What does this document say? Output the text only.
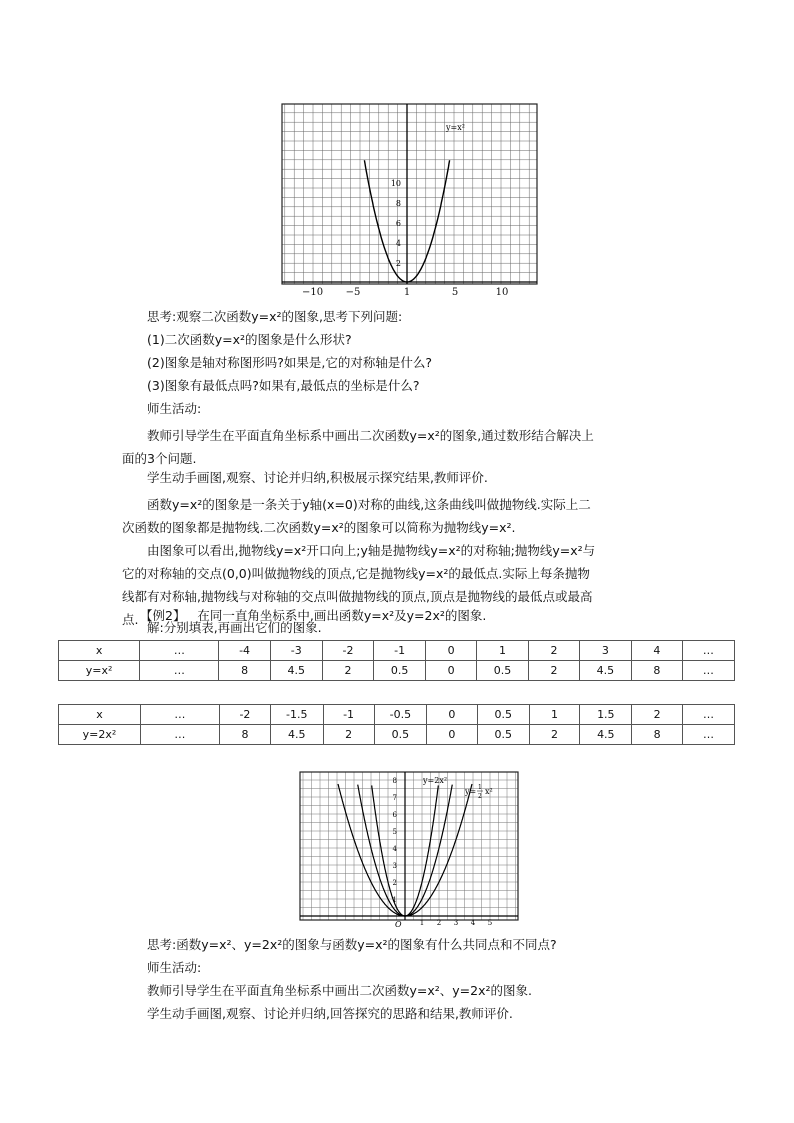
y=x²
10
8
6
4
2
−10 −5	1	5	10
思考:观察二次函数y=x²的图象,思考下列问题:
(1)二次函数y=x²的图象是什么形状?
(2)图象是轴对称图形吗?如果是,它的对称轴是什么?
(3)图象有最低点吗?如果有,最低点的坐标是什么?
师生活动:
教师引导学生在平面直角坐标系中画出二次函数y=x²的图象,通过数形结合解决上面的3个问题.
学生动手画图,观察、讨论并归纳,积极展示探究结果,教师评价.
函数y=x²的图象是一条关于y轴(x=0)对称的曲线,这条曲线叫做抛物线.实际上二次函数的图象都是抛物线.二次函数y=x²的图象可以简称为抛物线y=x².
由图象可以看出,抛物线y=x²开口向上;y轴是抛物线y=x²的对称轴;抛物线y=x²与它的对称轴的交点(0,0)叫做抛物线的顶点,它是抛物线y=x²的最低点.实际上每条抛物线都有对称轴,抛物线与对称轴的交点叫做抛物线的顶点,顶点是抛物线的最低点或最高点. 【例2】 在同一直角坐标系中,画出函数y=x²及y=2x²的图象.
解:分别填表,再画出它们的图象.
x	…	-4	-3	-2	-1	0	1	2	3	4	…
y=x²	…	8	4.5	2	0.5	0	0.5	2	4.5	8	…
x	…	-2	-1.5	-1	-0.5	0	0.5	1	1.5	2	…
y=2x²	…	8	4.5	2	0.5	0	0.5	2	4.5	8	…
y=2x²
y= 1
2
x²
8
7
6
5
4
3
2
1
1 2 3 4 5
O
思考:函数y=x²、y=2x²的图象与函数y=x²的图象有什么共同点和不同点?
师生活动:
教师引导学生在平面直角坐标系中画出二次函数y=x²、y=2x²的图象.
学生动手画图,观察、讨论并归纳,回答探究的思路和结果,教师评价.
